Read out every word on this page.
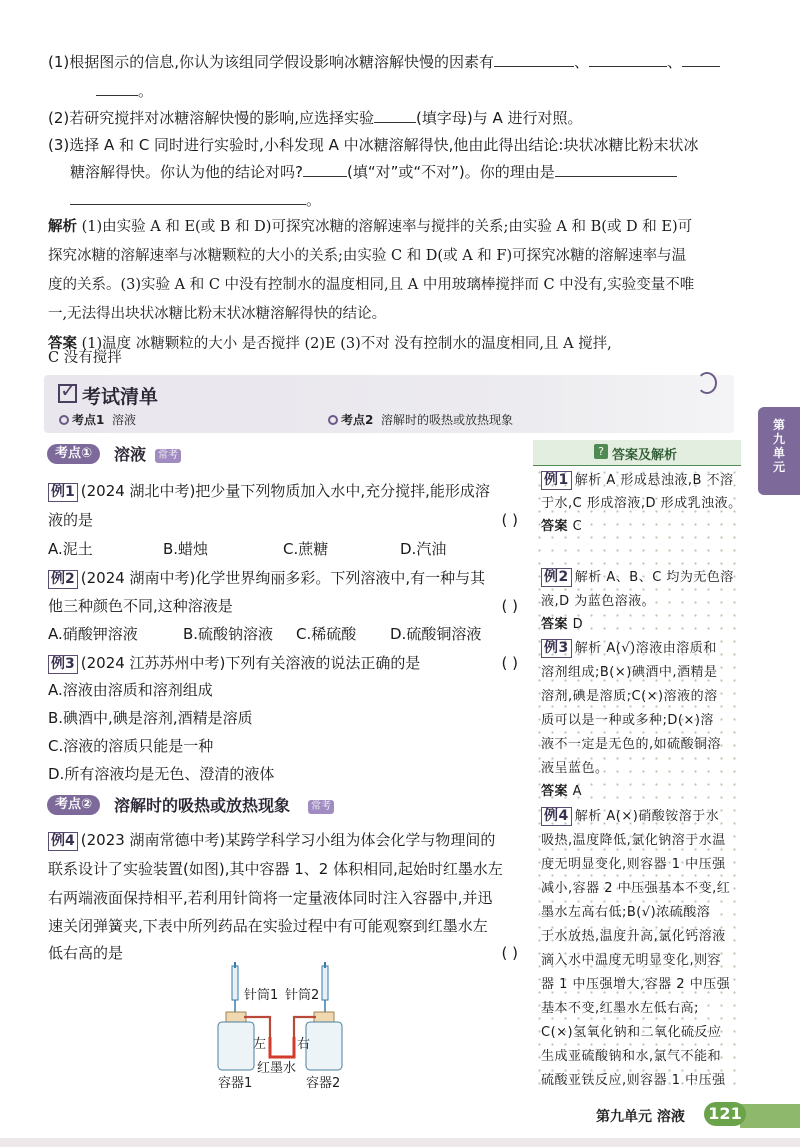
(1)根据图示的信息,你认为该组同学假设影响冰糖溶解快慢的因素有	、	、
。
(2)若研究搅拌对冰糖溶解快慢的影响,应选择实验	(填字母)与 A 进行对照。
(3)选择 A 和 C 同时进行实验时,小科发现 A 中冰糖溶解得快,他由此得出结论:块状冰糖比粉末状冰
糖溶解得快。你认为他的结论对吗?	(填“对”或“不对”)。你的理由是
。
解析 (1)由实验 A 和 E(或 B 和 D)可探究冰糖的溶解速率与搅拌的关系;由实验 A 和 B(或 D 和 E)可
探究冰糖的溶解速率与冰糖颗粒的大小的关系;由实验 C 和 D(或 A 和 F)可探究冰糖的溶解速率与温
度的关系。(3)实验 A 和 C 中没有控制水的温度相同,且 A 中用玻璃棒搅拌而 C 中没有,实验变量不唯
一,无法得出块状冰糖比粉末状冰糖溶解得快的结论。
答案 (1)温度 冰糖颗粒的大小 是否搅拌 (2)E (3)不对 没有控制水的温度相同,且 A 搅拌,
C 没有搅拌
✓ 考试清单
考点1 溶液	考点2 溶解时的吸热或放热现象
考点①	溶液	常考
例1 (2024 湖北中考)把少量下列物质加入水中,充分搅拌,能形成溶
液的是	( )
A.泥土	B.蜡烛	C.蔗糖	D.汽油
例2 (2024 湖南中考)化学世界绚丽多彩。下列溶液中,有一种与其
他三种颜色不同,这种溶液是	( )
A.硝酸钾溶液	B.硫酸钠溶液 C.稀硫酸 D.硫酸铜溶液
例3 (2024 江苏苏州中考)下列有关溶液的说法正确的是	( )
A.溶液由溶质和溶剂组成
B.碘酒中,碘是溶剂,酒精是溶质
C.溶液的溶质只能是一种
D.所有溶液均是无色、澄清的液体
考点②	溶解时的吸热或放热现象	常考
例4 (2023 湖南常德中考)某跨学科学习小组为体会化学与物理间的
联系设计了实验装置(如图),其中容器 1、2 体积相同,起始时红墨水左
右两端液面保持相平,若利用针筒将一定量液体同时注入容器中,并迅
速关闭弹簧夹,下表中所列药品在实验过程中有可能观察到红墨水左
低右高的是	( )
针筒1 针筒2
左 右
红墨水
容器1	容器2
? 答案及解析
例1 解析 A 形成悬浊液,B 不溶
于水,C 形成溶液,D 形成乳浊液。
答案 C
例2 解析 A、B、C 均为无色溶
液,D 为蓝色溶液。
答案 D
例3 解析 A(√)溶液由溶质和
溶剂组成;B(×)碘酒中,酒精是
溶剂,碘是溶质;C(×)溶液的溶
质可以是一种或多种;D(×)溶
液不一定是无色的,如硫酸铜溶
液呈蓝色。
答案 A
例4 解析 A(×)硝酸铵溶于水
吸热,温度降低,氯化钠溶于水温
度无明显变化,则容器 1 中压强
减小,容器 2 中压强基本不变,红
墨水左高右低;B(√)浓硫酸溶
于水放热,温度升高,氯化钙溶液
滴入水中温度无明显变化,则容
器 1 中压强增大,容器 2 中压强
基本不变,红墨水左低右高;
C(×)氢氧化钠和二氧化硫反应
生成亚硫酸钠和水,氯气不能和
硫酸亚铁反应,则容器 1 中压强
第九单元
第九单元 溶液 121
